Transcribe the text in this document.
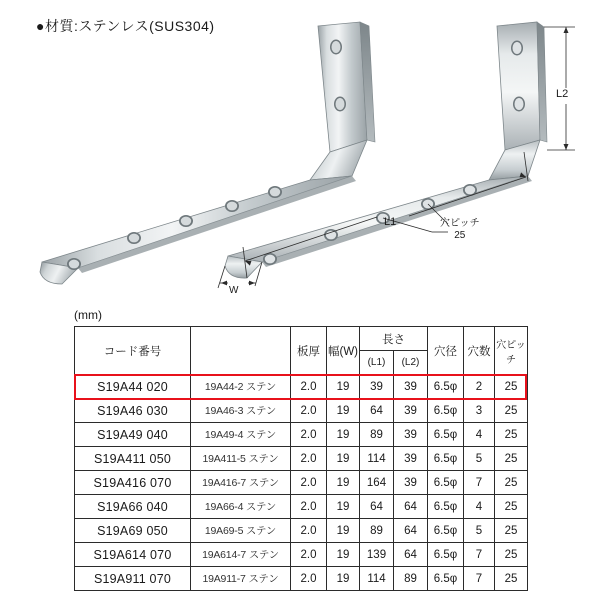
●材質:ステンレス(SUS304)
L2
L1
W
穴ピッチ
25
(mm)
コード番号		板厚	幅(W)	長さ		穴径	穴数	穴ピッチ
				(L1)	(L2)			
S19A44 020	19A44-2 ステン	2.0	19	39	39	6.5φ	2	25
S19A46 030	19A46-3 ステン	2.0	19	64	39	6.5φ	3	25
S19A49 040	19A49-4 ステン	2.0	19	89	39	6.5φ	4	25
S19A411 050	19A411-5 ステン	2.0	19	114	39	6.5φ	5	25
S19A416 070	19A416-7 ステン	2.0	19	164	39	6.5φ	7	25
S19A66 040	19A66-4 ステン	2.0	19	64	64	6.5φ	4	25
S19A69 050	19A69-5 ステン	2.0	19	89	64	6.5φ	5	25
S19A614 070	19A614-7 ステン	2.0	19	139	64	6.5φ	7	25
S19A911 070	19A911-7 ステン	2.0	19	114	89	6.5φ	7	25
